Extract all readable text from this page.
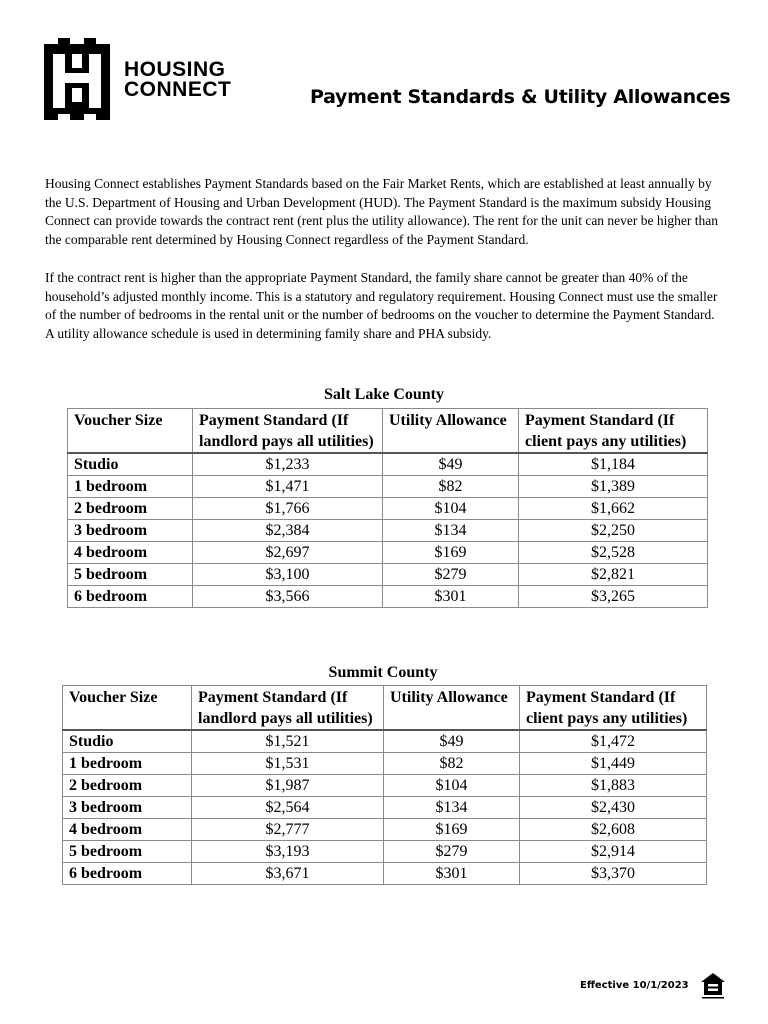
HOUSING
CONNECT	Payment Standards & Utility Allowances

Housing Connect establishes Payment Standards based on the Fair Market Rents, which are established at least annually by the U.S. Department of Housing and Urban Development (HUD). The Payment Standard is the maximum subsidy Housing Connect can provide towards the contract rent (rent plus the utility allowance). The rent for the unit can never be higher than the comparable rent determined by Housing Connect regardless of the Payment Standard.

If the contract rent is higher than the appropriate Payment Standard, the family share cannot be greater than 40% of the household’s adjusted monthly income. This is a statutory and regulatory requirement. Housing Connect must use the smaller of the number of bedrooms in the rental unit or the number of bedrooms on the voucher to determine the Payment Standard. A utility allowance schedule is used in determining family share and PHA subsidy.

Salt Lake County
Voucher Size	Payment Standard (If landlord pays all utilities)	Utility Allowance	Payment Standard (If client pays any utilities)
Studio	$1,233	$49	$1,184
1 bedroom	$1,471	$82	$1,389
2 bedroom	$1,766	$104	$1,662
3 bedroom	$2,384	$134	$2,250
4 bedroom	$2,697	$169	$2,528
5 bedroom	$3,100	$279	$2,821
6 bedroom	$3,566	$301	$3,265
Summit County
Voucher Size	Payment Standard (If landlord pays all utilities)	Utility Allowance	Payment Standard (If client pays any utilities)
Studio	$1,521	$49	$1,472
1 bedroom	$1,531	$82	$1,449
2 bedroom	$1,987	$104	$1,883
3 bedroom	$2,564	$134	$2,430
4 bedroom	$2,777	$169	$2,608
5 bedroom	$3,193	$279	$2,914
6 bedroom	$3,671	$301	$3,370
Effective 10/1/2023
